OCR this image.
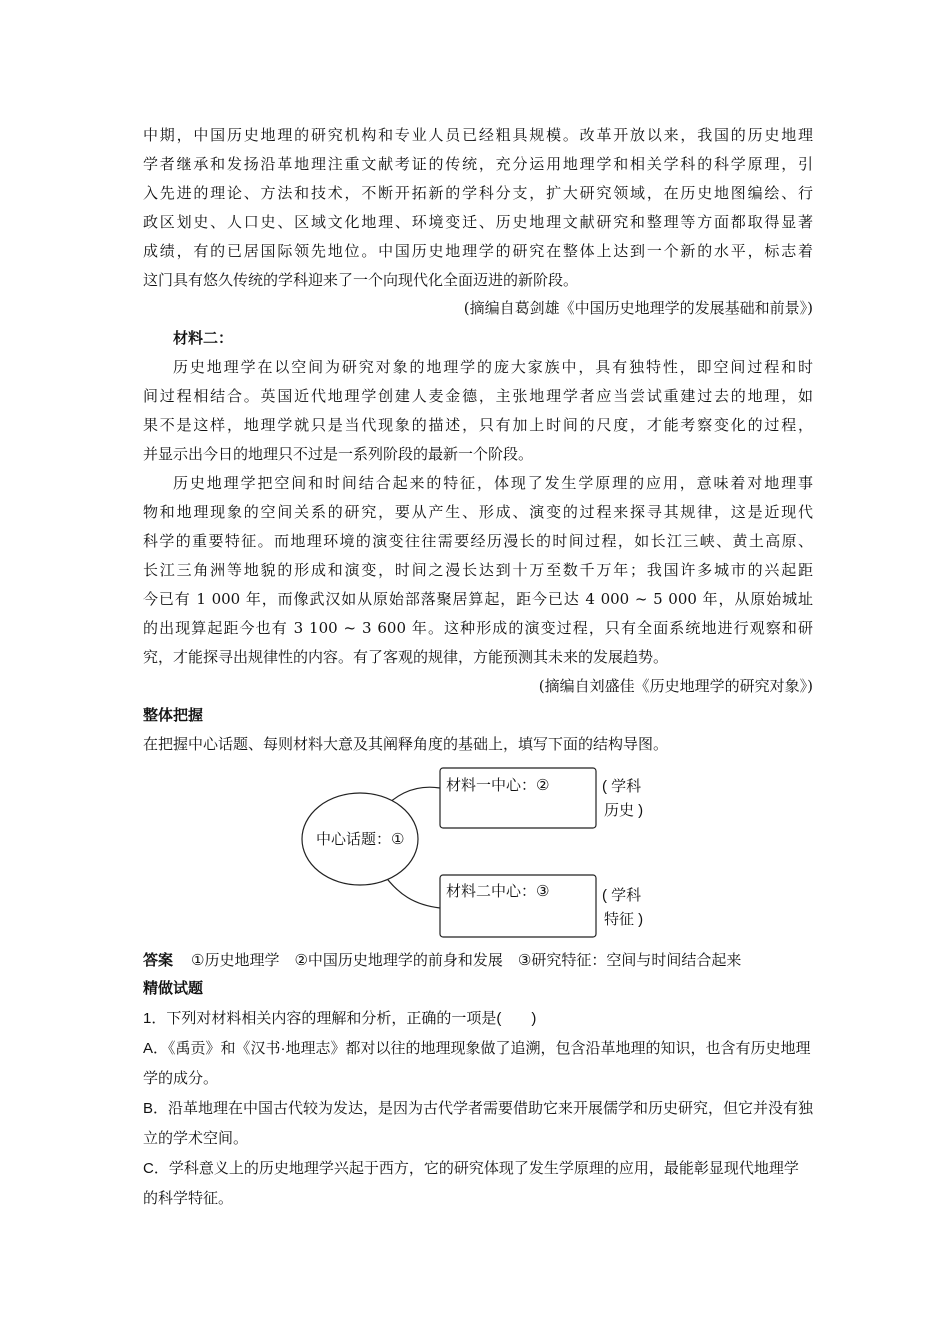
中期，中国历史地理的研究机构和专业人员已经粗具规模。改革开放以来，我国的历史地理
学者继承和发扬沿革地理注重文献考证的传统，充分运用地理学和相关学科的科学原理，引
入先进的理论、方法和技术，不断开拓新的学科分支，扩大研究领域，在历史地图编绘、行
政区划史、人口史、区域文化地理、环境变迁、历史地理文献研究和整理等方面都取得显著
成绩，有的已居国际领先地位。中国历史地理学的研究在整体上达到一个新的水平，标志着
这门具有悠久传统的学科迎来了一个向现代化全面迈进的新阶段。
(摘编自葛剑雄《中国历史地理学的发展基础和前景》)
材料二：
历史地理学在以空间为研究对象的地理学的庞大家族中，具有独特性，即空间过程和时
间过程相结合。英国近代地理学创建人麦金德，主张地理学者应当尝试重建过去的地理，如
果不是这样，地理学就只是当代现象的描述，只有加上时间的尺度，才能考察变化的过程，
并显示出今日的地理只不过是一系列阶段的最新一个阶段。
历史地理学把空间和时间结合起来的特征，体现了发生学原理的应用，意味着对地理事
物和地理现象的空间关系的研究，要从产生、形成、演变的过程来探寻其规律，这是近现代
科学的重要特征。而地理环境的演变往往需要经历漫长的时间过程，如长江三峡、黄土高原、
长江三角洲等地貌的形成和演变，时间之漫长达到十万至数千万年；我国许多城市的兴起距
今已有 1 000 年，而像武汉如从原始部落聚居算起，距今已达 4 000 ~ 5 000 年，从原始城址
的出现算起距今也有 3 100 ~ 3 600 年。这种形成的演变过程，只有全面系统地进行观察和研
究，才能探寻出规律性的内容。有了客观的规律，方能预测其未来的发展趋势。
(摘编自刘盛佳《历史地理学的研究对象》)
整体把握
在把握中心话题、每则材料大意及其阐释角度的基础上，填写下面的结构导图。
中心话题：①
材料一中心：②
材料二中心：③
( 学科
历史 )
( 学科
特征 )
答案 ①历史地理学　②中国历史地理学的前身和发展　③研究特征：空间与时间结合起来
精做试题
1．下列对材料相关内容的理解和分析，正确的一项是(　　)
A．《禹贡》和《汉书·地理志》都对以往的地理现象做了追溯，包含沿革地理的知识，也含有历史地理学的成分。
B．沿革地理在中国古代较为发达，是因为古代学者需要借助它来开展儒学和历史研究，但它并没有独立的学术空间。
C．学科意义上的历史地理学兴起于西方，它的研究体现了发生学原理的应用，最能彰显现代地理学的科学特征。
